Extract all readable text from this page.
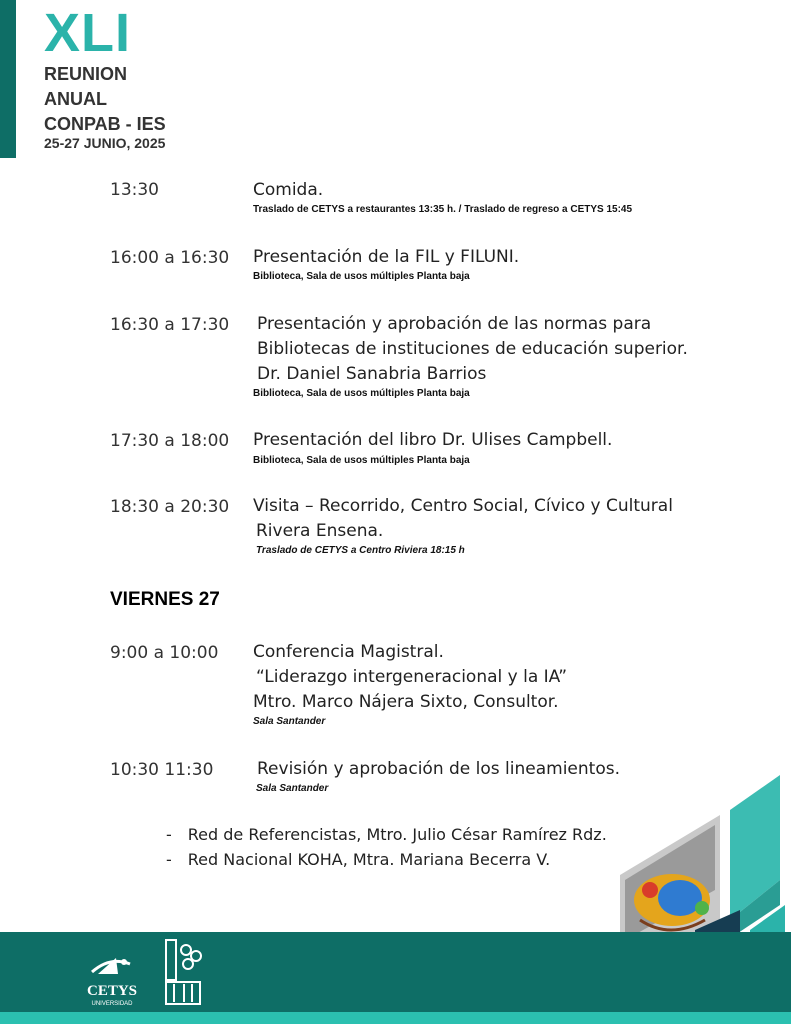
XLI
REUNION
ANUAL
CONPAB - IES
25-27 JUNIO, 2025
13:30	Comida.
Traslado de CETYS a restaurantes 13:35 h. / Traslado de regreso a CETYS 15:45
16:00 a 16:30 Presentación de la FIL y FILUNI.
Biblioteca, Sala de usos múltiples Planta baja
16:30 a 17:30 Presentación y aprobación de las normas para
Bibliotecas de instituciones de educación superior.
Dr. Daniel Sanabria Barrios
Biblioteca, Sala de usos múltiples Planta baja
17:30 a 18:00 Presentación del libro Dr. Ulises Campbell.
Biblioteca, Sala de usos múltiples Planta baja
18:30 a 20:30 Visita – Recorrido, Centro Social, Cívico y Cultural
Rivera Ensena.
Traslado de CETYS a Centro Riviera 18:15 h
VIERNES 27
9:00 a 10:00 Conferencia Magistral.
“Liderazgo intergeneracional y la IA”
Mtro. Marco Nájera Sixto, Consultor.
Sala Santander
10:30 11:30	Revisión y aprobación de los lineamientos.
Sala Santander
- Red de Referencistas, Mtro. Julio César Ramírez Rdz.
- Red Nacional KOHA, Mtra. Mariana Becerra V.
CETYS
UNIVERSIDAD
